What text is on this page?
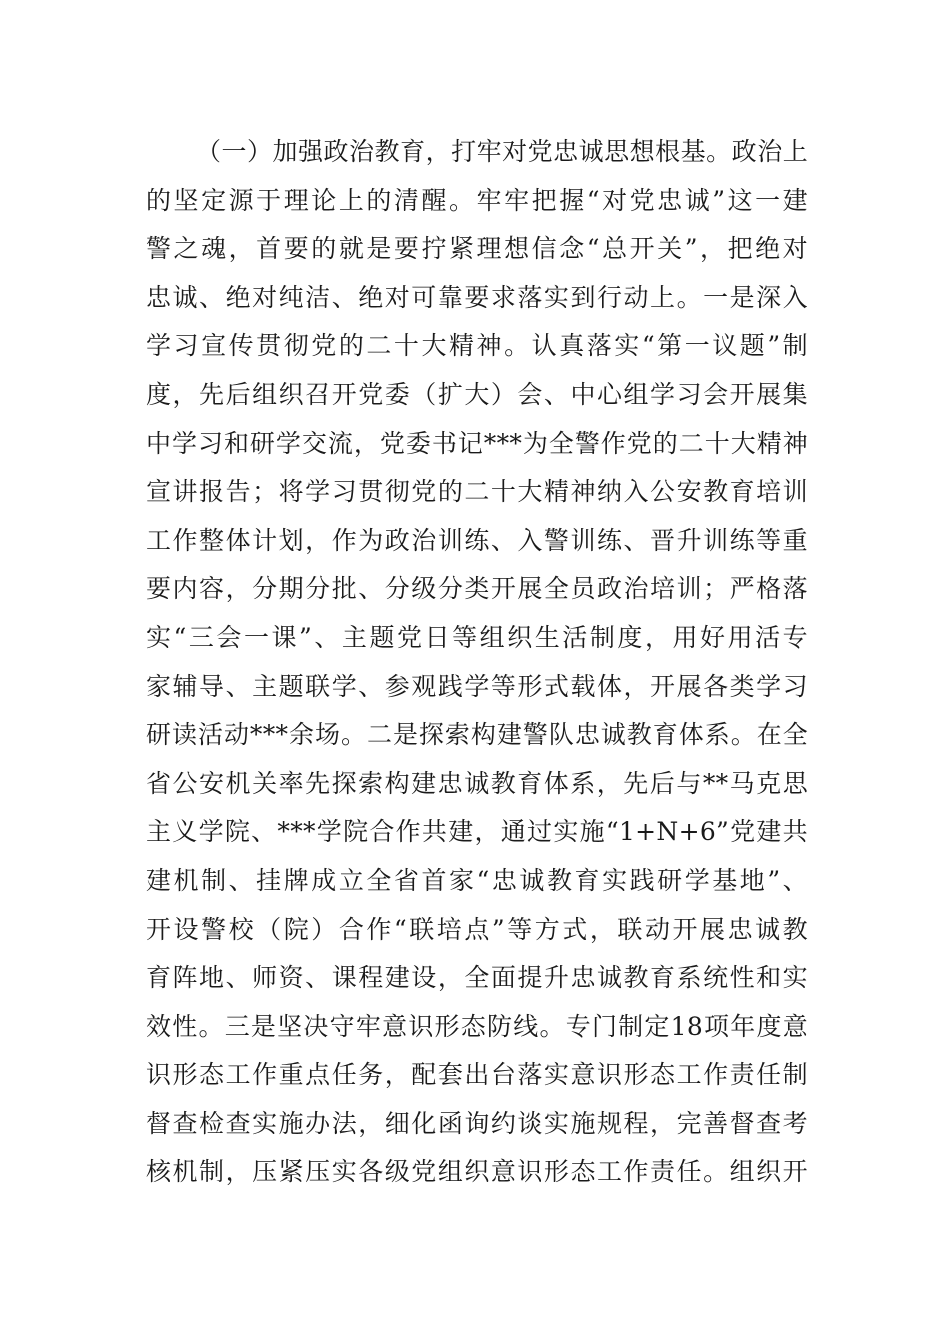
（一）加强政治教育，打牢对党忠诚思想根基。政治上
的坚定源于理论上的清醒。牢牢把握“对党忠诚”这一建
警之魂，首要的就是要拧紧理想信念“总开关”，把绝对
忠诚、绝对纯洁、绝对可靠要求落实到行动上。一是深入
学习宣传贯彻党的二十大精神。认真落实“第一议题”制
度，先后组织召开党委（扩大）会、中心组学习会开展集
中学习和研学交流，党委书记***为全警作党的二十大精神
宣讲报告；将学习贯彻党的二十大精神纳入公安教育培训
工作整体计划，作为政治训练、入警训练、晋升训练等重
要内容，分期分批、分级分类开展全员政治培训；严格落
实“三会一课”、主题党日等组织生活制度，用好用活专
家辅导、主题联学、参观践学等形式载体，开展各类学习
研读活动***余场。二是探索构建警队忠诚教育体系。在全
省公安机关率先探索构建忠诚教育体系，先后与**马克思
主义学院、***学院合作共建，通过实施“1+N+6”党建共
建机制、挂牌成立全省首家“忠诚教育实践研学基地”、
开设警校（院）合作“联培点”等方式，联动开展忠诚教
育阵地、师资、课程建设，全面提升忠诚教育系统性和实
效性。三是坚决守牢意识形态防线。专门制定18项年度意
识形态工作重点任务，配套出台落实意识形态工作责任制
督查检查实施办法，细化函询约谈实施规程，完善督查考
核机制，压紧压实各级党组织意识形态工作责任。组织开
